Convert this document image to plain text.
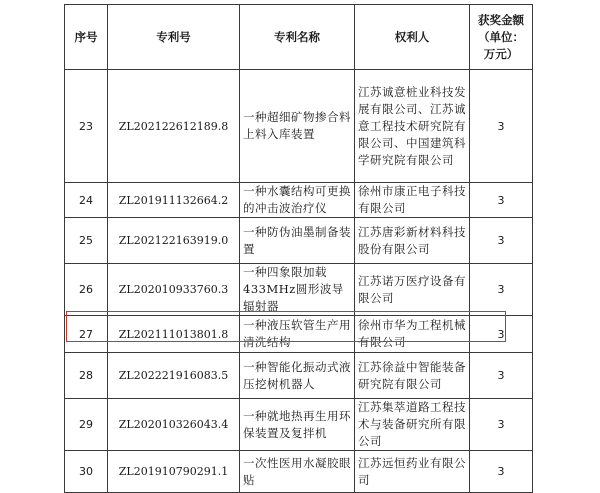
序号	专利号	专利名称	权利人	获奖金额（单位：万元）
23	ZL202122612189.8	一种超细矿物掺合料上料入库装置	江苏诚意桩业科技发展有限公司、江苏诚意工程技术研究院有限公司、中国建筑科学研究院有限公司	3
24	ZL201911132664.2	一种水囊结构可更换的冲击波治疗仪	徐州市康正电子科技有限公司	3
25	ZL202122163919.0	一种防伪油墨制备装置	江苏唐彩新材料科技股份有限公司	3
26	ZL202010933760.3	一种四象限加载433MHz圆形波导辐射器	江苏诺万医疗设备有限公司	3
27	ZL202111013801.8	一种液压软管生产用清洗结构	徐州市华为工程机械有限公司	3
28	ZL202221916083.5	一种智能化振动式液压挖树机器人	江苏徐益中智能装备研究院有限公司	3
29	ZL202010326043.4	一种就地热再生用环保装置及复拌机	江苏集萃道路工程技术与装备研究所有限公司	3
30	ZL201910790291.1	一次性医用水凝胶眼贴	江苏远恒药业有限公司	3
